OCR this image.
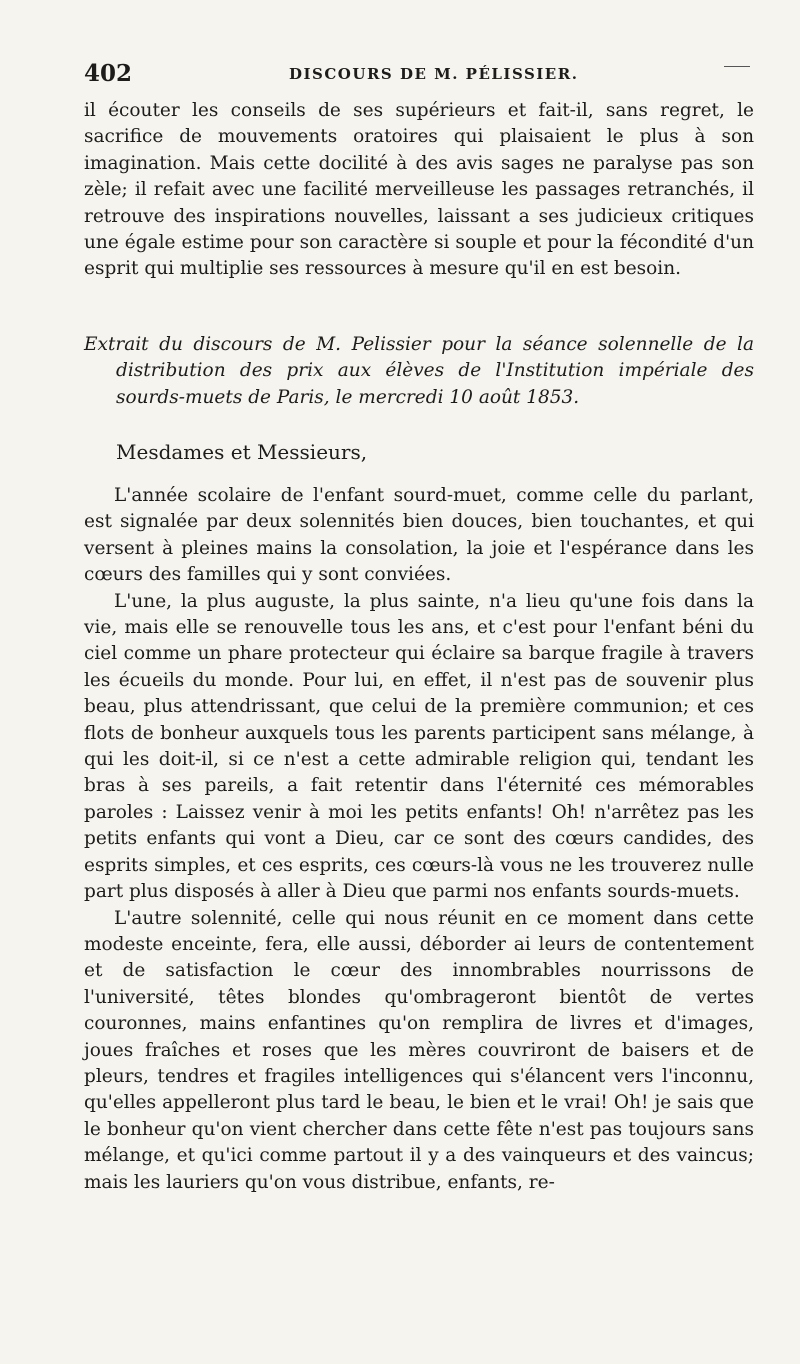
402	DISCOURS DE M. PÉLISSIER.

il écouter les conseils de ses supérieurs et fait-il, sans regret, le sacrifice de mouvements oratoires qui plaisaient le plus à son imagination. Mais cette docilité à des avis sages ne paralyse pas son zèle; il refait avec une facilité merveilleuse les passages retranchés, il retrouve des inspirations nouvelles, laissant a ses judicieux critiques une égale estime pour son caractère si souple et pour la fécondité d'un esprit qui multiplie ses ressources à mesure qu'il en est besoin.

Extrait du discours de M. Pelissier pour la séance solennelle de la distribution des prix aux élèves de l'Institution impériale des sourds-muets de Paris, le mercredi 10 août 1853.

Mesdames et Messieurs,

L'année scolaire de l'enfant sourd-muet, comme celle du parlant, est signalée par deux solennités bien douces, bien touchantes, et qui versent à pleines mains la consolation, la joie et l'espérance dans les cœurs des familles qui y sont conviées.

L'une, la plus auguste, la plus sainte, n'a lieu qu'une fois dans la vie, mais elle se renouvelle tous les ans, et c'est pour l'enfant béni du ciel comme un phare protecteur qui éclaire sa barque fragile à travers les écueils du monde. Pour lui, en effet, il n'est pas de souvenir plus beau, plus attendrissant, que celui de la première communion; et ces flots de bonheur auxquels tous les parents participent sans mélange, à qui les doit-il, si ce n'est a cette admirable religion qui, tendant les bras à ses pareils, a fait retentir dans l'éternité ces mémorables paroles : Laissez venir à moi les petits enfants! Oh! n'arrêtez pas les petits enfants qui vont a Dieu, car ce sont des cœurs candides, des esprits simples, et ces esprits, ces cœurs-là vous ne les trouverez nulle part plus disposés à aller à Dieu que parmi nos enfants sourds-muets.

L'autre solennité, celle qui nous réunit en ce moment dans cette modeste enceinte, fera, elle aussi, déborder ai leurs de contentement et de satisfaction le cœur des innombrables nourrissons de l'université, têtes blondes qu'ombrageront bientôt de vertes couronnes, mains enfantines qu'on remplira de livres et d'images, joues fraîches et roses que les mères couvriront de baisers et de pleurs, tendres et fragiles intelligences qui s'élancent vers l'inconnu, qu'elles appelleront plus tard le beau, le bien et le vrai! Oh! je sais que le bonheur qu'on vient chercher dans cette fête n'est pas toujours sans mélange, et qu'ici comme partout il y a des vainqueurs et des vaincus; mais les lauriers qu'on vous distribue, enfants, re-
